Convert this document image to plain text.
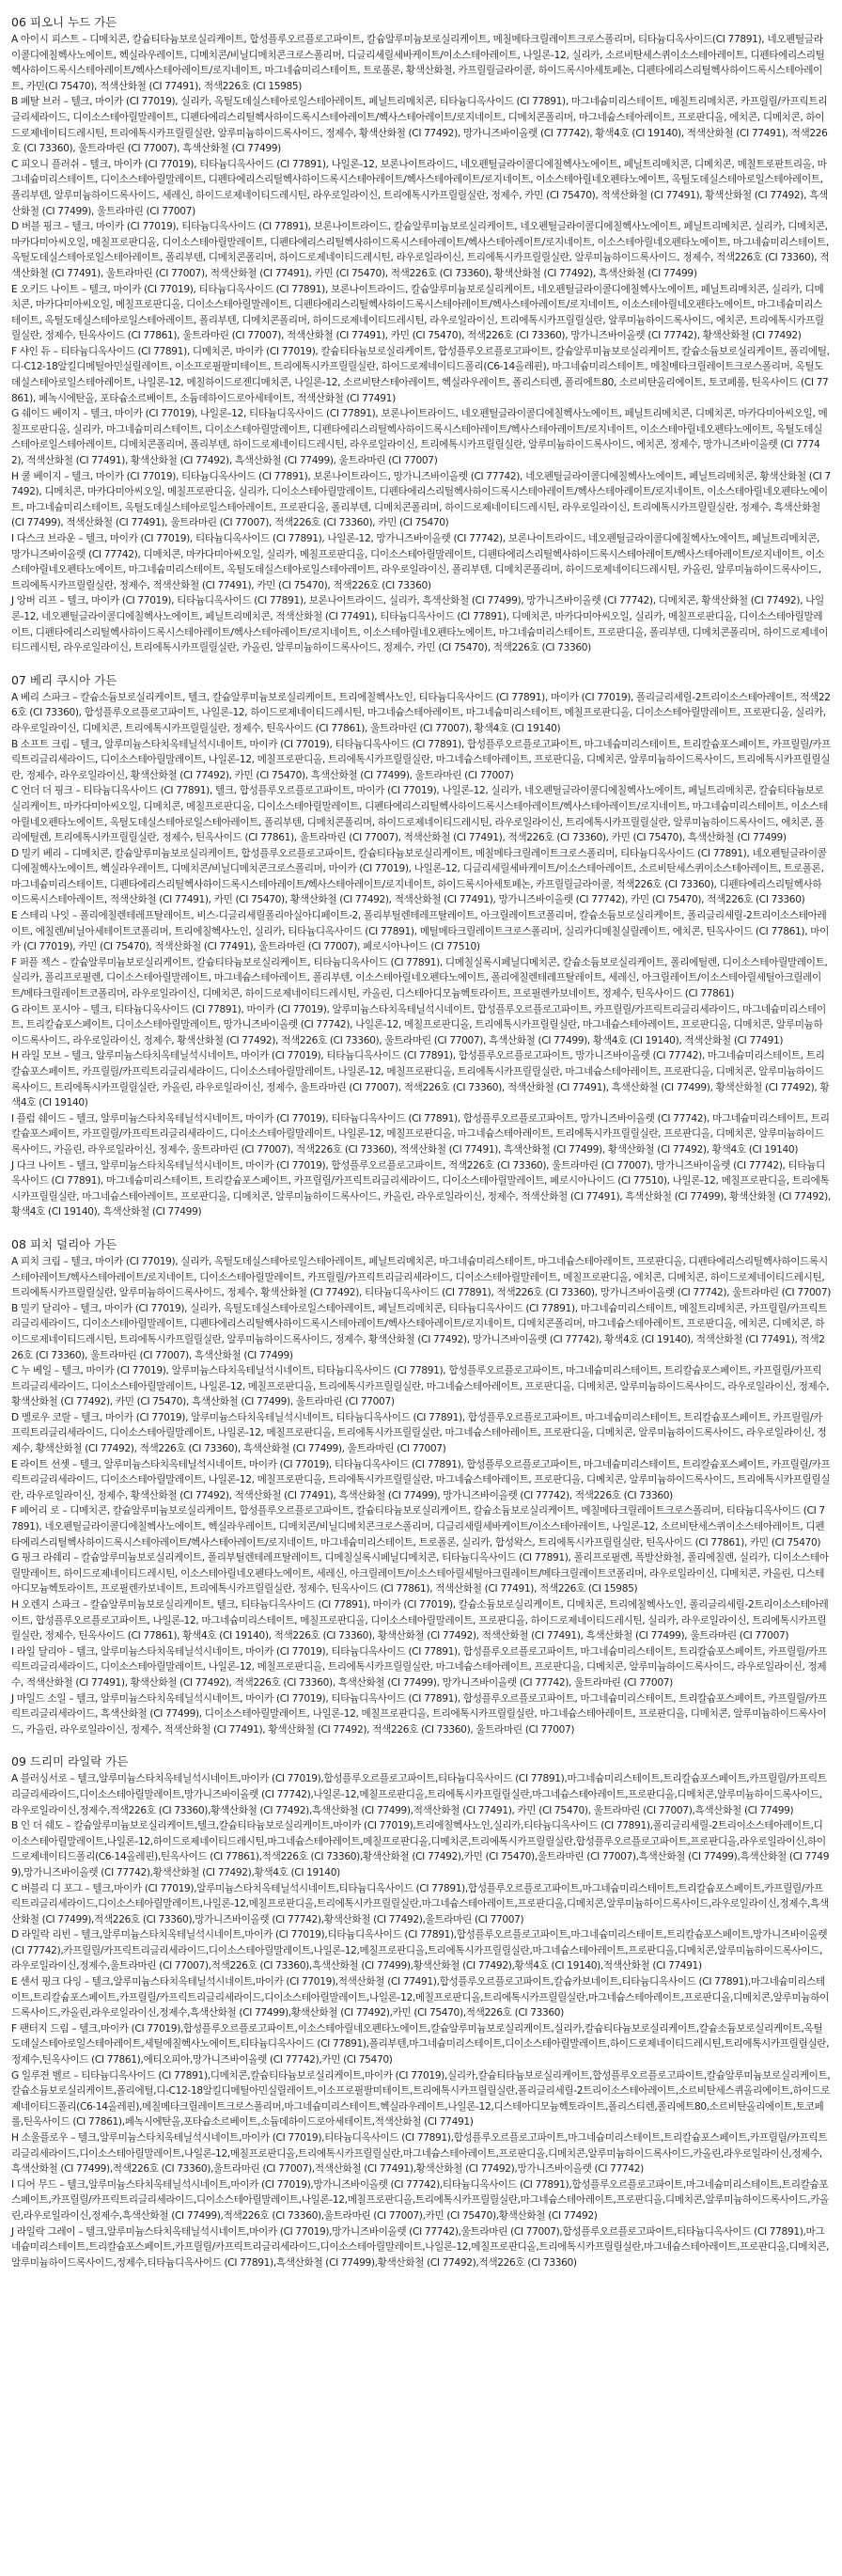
06 피오니 누드 가든
A 아이시 피스트 – 디메치콘, 칼슘티타늄보로실리케이트, 합성플루오르플로고파이트, 칼슘알루미늄보로실리케이트, 메칠메타크릴레이트크로스폴리머, 티타늄디옥사이드(CI 77891), 네오펜틸글라이콜디에칠헥사노에이트, 헥실라우레이트, 디메치콘/비닐디메치콘크로스폴리머, 디글리세릴세바케이트/이소스테아레이트, 나일론-12, 실리카, 소르비탄세스퀴이소스테아레이트, 디펜타에리스리틸헥사하이드록시스테아레이트/헥사스테아레이트/로지네이트, 마그네슘미리스테이트, 트로폴론, 황색산화철, 카프릴릴글라이콜, 하이드록시아세토페논, 디펜타에리스리틸헥사하이드록시스테아레이트, 카민(CI 75470), 적색산화철 (CI 77491), 적색226호 (CI 15985)
B 페탈 브러 – 텔크, 마이카 (CI 77019), 실리카, 옥틸도데실스테아로일스테아레이트, 페닐트리메치콘, 티타늄디옥사이드 (CI 77891), 마그네슘미리스테이트, 메칠트리메치콘, 카프릴릴/카프릭트리글리세라이드, 디이소스테아릴말레이트, 디펜타에리스리틸헥사하이드록시스테아레이트/헥사스테아레이트/로지네이트, 디메치콘폴리머, 마그네슘스테아레이트, 프로판디올, 에치콘, 디메치콘, 하이드로제네이티드레시틴, 트리에톡시카프릴릴실란, 알루미늄하이드록사이드, 정제수, 황색산화철 (CI 77492), 망가니즈바이올렛 (CI 77742), 황색4호 (CI 19140), 적색산화철 (CI 77491), 적색226호 (CI 73360), 울트라마린 (CI 77007), 흑색산화철 (CI 77499)
C 피오니 플러쉬 – 텔크, 마이카 (CI 77019), 티타늄디옥사이드 (CI 77891), 나일론-12, 보론나이트라이드, 네오펜틸글라이콜디에칠헥사노에이트, 페닐트리메치콘, 디메치콘, 메칠트로판트리올, 마그네슘미리스테이트, 디이소스테아릴말레이트, 디펜타에리스리틸헥사하이드록시스테아레이트/헥사스테아레이트/로지네이트, 이소스테아릴네오펜타노에이트, 옥틸도데실스테아로일스테아레이트, 폴리부텐, 알루미늄하이드록사이드, 세레신, 하이드로제네이티드레시틴, 라우로일라이신, 트리에톡시카프릴릴실란, 정제수, 카민 (CI 75470), 적색산화철 (CI 77491), 황색산화철 (CI 77492), 흑색산화철 (CI 77499), 울트라마린 (CI 77007)
D 버블 핑크 – 텔크, 마이카 (CI 77019), 티타늄디옥사이드 (CI 77891), 보론나이트라이드, 칼슘알루미늄보로실리케이트, 네오펜틸글라이콜디에칠헥사노에이트, 페닐트리메치콘, 실리카, 디메치콘, 마카다미아씨오일, 메칠프로판디올, 디이소스테아릴말레이트, 디펜타에리스리틸헥사하이드록시스테아레이트/헥사스테아레이트/로지네이트, 이소스테아릴네오펜타노에이트, 마그네슘미리스테이트, 옥틸도데실스테아로일스테아레이트, 폴리부텐, 디메치콘폴리머, 하이드로제네이티드레시틴, 라우로일라이신, 트리에톡시카프릴릴실란, 알루미늄하이드록사이드, 정제수, 적색226호 (CI 73360), 적색산화철 (CI 77491), 울트라마린 (CI 77007), 적색산화철 (CI 77491), 카민 (CI 75470), 적색226호 (CI 73360), 황색산화철 (CI 77492), 흑색산화철 (CI 77499)
E 오키드 나이트 – 텔크, 마이카 (CI 77019), 티타늄디옥사이드 (CI 77891), 보론나이트라이드, 칼슘알루미늄보로실리케이트, 네오펜틸글라이콜디에칠헥사노에이트, 페닐트리메치콘, 실리카, 디메치콘, 마카다미아씨오일, 메칠프로판디올, 디이소스테아릴말레이트, 디펜타에리스리틸헥사하이드록시스테아레이트/헥사스테아레이트/로지네이트, 이소스테아릴네오펜타노에이트, 마그네슘미리스테이트, 옥틸도데실스테아로일스테아레이트, 폴리부텐, 디메치콘폴리머, 하이드로제네이티드레시틴, 라우로일라이신, 트리에톡시카프릴릴실란, 알루미늄하이드록사이드, 에치콘, 트리에톡시카프릴릴실란, 정제수, 틴옥사이드 (CI 77861), 울트라마린 (CI 77007), 적색산화철 (CI 77491), 카민 (CI 75470), 적색226호 (CI 73360), 망가니즈바이올렛 (CI 77742), 황색산화철 (CI 77492)
F 샤인 듀 – 티타늄디옥사이드 (CI 77891), 디메치콘, 마이카 (CI 77019), 칼슘티타늄보로실리케이트, 합성플루오르플로고파이트, 칼슘알루미늄보로실리케이트, 칼슘소듐보로실리케이트, 폴리에틸, 디-C12-18알킬디메틸아민실릴레이트, 이소프로필팔미테이트, 트리에톡시카프릴릴실란, 하이드로제네이티드폴리(C6-14올레핀), 마그네슘미리스테이트, 메칠메타크릴레이트크로스폴리머, 옥틸도데실스테아로일스테아레이트, 나일론-12, 메칠하이드로젠디메치콘, 나일론-12, 소르비탄스테아레이트, 헥실라우레이트, 폴리스티렌, 폴리에트80, 소르비탄올리에이트, 토코페롤, 틴옥사이드 (CI 77861), 페녹시에탄올, 포타슘소르베이트, 소듐데하이드로아세테이트, 적색산화철 (CI 77491)
G 쉐이드 베이지 – 텔크, 마이카 (CI 77019), 나일론-12, 티타늄디옥사이드 (CI 77891), 보론나이트라이드, 네오펜틸글라이콜디에칠헥사노에이트, 페닐트리메치콘, 디메치콘, 마카다미아씨오일, 메칠프로판디올, 실리카, 마그네슘미리스테이트, 디이소스테아릴말레이트, 디펜타에리스리틸헥사하이드록시스테아레이트/헥사스테아레이트/로지네이트, 이소스테아릴네오펜타노에이트, 옥틸도데실스테아로일스테아레이트, 디메치콘폴리머, 폴리부텐, 하이드로제네이티드레시틴, 라우로일라이신, 트리에톡시카프릴릴실란, 알루미늄하이드록사이드, 에치콘, 정제수, 망가니즈바이올렛 (CI 77742), 적색산화철 (CI 77491), 황색산화철 (CI 77492), 흑색산화철 (CI 77499), 울트라마린 (CI 77007)
H 쿨 베이지 – 텔크, 마이카 (CI 77019), 티타늄디옥사이드 (CI 77891), 보론나이트라이드, 망가니즈바이올렛 (CI 77742), 네오펜틸글라이콜디에칠헥사노에이트, 페닐트리메치콘, 황색산화철 (CI 77492), 디메치콘, 마카다미아씨오일, 메칠프로판디올, 실리카, 디이소스테아릴말레이트, 디펜타에리스리틸헥사하이드록시스테아레이트/헥사스테아레이트/로지네이트, 이소스테아릴네오펜타노에이트, 마그네슘미리스테이트, 옥틸도데실스테아로일스테아레이트, 프로판디올, 폴리부텐, 디메치콘폴리머, 하이드로제네이티드레시틴, 라우로일라이신, 트리에톡시카프릴릴실란, 정제수, 흑색산화철 (CI 77499), 적색산화철 (CI 77491), 울트라마린 (CI 77007), 적색226호 (CI 73360), 카민 (CI 75470)
I 다스크 브라운 – 텔크, 마이카 (CI 77019), 티타늄디옥사이드 (CI 77891), 나일론-12, 망가니즈바이올렛 (CI 77742), 보론나이트라이드, 네오펜틸글라이콜디에칠헥사노에이트, 페닐트리메치콘, 망가니즈바이올렛 (CI 77742), 디메치콘, 마카다미아씨오일, 실리카, 메칠프로판디올, 디이소스테아릴말레이트, 디펜타에리스리틸헥사하이드록시스테아레이트/헥사스테아레이트/로지네이트, 이소스테아릴네오펜타노에이트, 마그네슘미리스테이트, 옥틸도데실스테아로일스테아레이트, 라우로일라이신, 폴리부텐, 디메치콘폴리머, 하이드로제네이티드레시틴, 카올린, 알루미늄하이드록사이드, 트리에톡시카프릴릴실란, 정제수, 적색산화철 (CI 77491), 카민 (CI 75470), 적색226호 (CI 73360)
J 앙버 리프 – 텔크, 마이카 (CI 77019), 티타늄디옥사이드 (CI 77891), 보론나이트라이드, 실리카, 흑색산화철 (CI 77499), 망가니즈바이올렛 (CI 77742), 디메치콘, 황색산화철 (CI 77492), 나일론-12, 네오펜틸글라이콜디에칠헥사노에이트, 페닐트리메치콘, 적색산화철 (CI 77491), 티타늄디옥사이드 (CI 77891), 디메치콘, 마카다미아씨오일, 실리카, 메칠프로판디올, 디이소스테아릴말레이트, 디펜타에리스리틸헥사하이드록시스테아레이트/헥사스테아레이트/로지네이트, 이소스테아릴네오펜타노에이트, 마그네슘미리스테이트, 프로판디올, 폴리부텐, 디메치콘폴리머, 하이드로제네이티드레시틴, 라우로일라이신, 트리에톡시카프릴릴실란, 카올린, 알루미늄하이드록사이드, 정제수, 카민 (CI 75470), 적색226호 (CI 73360)
07 베리 쿠시아 가든
A 베리 스파크 – 칼슘소듐보로실리케이트, 텔크, 칼슘알루미늄보로실리케이트, 트리에칠헥사노인, 티타늄디옥사이드 (CI 77891), 마이카 (CI 77019), 폴리글리세릴-2트리이소스테아레이트, 적색226호 (CI 73360), 합성플루오르플로고파이트, 나일론-12, 하이드로제네이티드레시틴, 마그네슘스테아레이트, 마그네슘미리스테이트, 메칠프로판디올, 디이소스테아릴말레이트, 프로판디올, 실리카, 라우로일라이신, 디메치콘, 트리에톡시카프릴릴실란, 정제수, 틴옥사이드 (CI 77861), 울트라마린 (CI 77007), 황색4호 (CI 19140)
B 소프트 크림 – 텔크, 알루미늄스타치옥테닐석시네이트, 마이카 (CI 77019), 티타늄디옥사이드 (CI 77891), 합성플루오르플로고파이트, 마그네슘미리스테이트, 트리칼슘포스페이트, 카프릴릴/카프릭트리글리세라이드, 디이소스테아릴말레이트, 나일론-12, 메칠프로판디올, 트리에톡시카프릴릴실란, 마그네슘스테아레이트, 프로판디올, 디메치콘, 알루미늄하이드록사이드, 트리에톡시카프릴릴실란, 정제수, 라우로일라이신, 황색산화철 (CI 77492), 카민 (CI 75470), 흑색산화철 (CI 77499), 울트라마린 (CI 77007)
C 언더 더 핑크 – 티타늄디옥사이드 (CI 77891), 텔크, 합성플루오르플로고파이트, 마이카 (CI 77019), 나일론-12, 실리카, 네오펜틸글라이콜디에칠헥사노에이트, 페닐트리메치콘, 칼슘티타늄보로실리케이트, 마카다미아씨오일, 디메치콘, 메칠프로판디올, 디이소스테아릴말레이트, 디펜타에리스리틸헥사하이드록시스테아레이트/헥사스테아레이트/로지네이트, 마그네슘미리스테이트, 이소스테아릴네오펜타노에이트, 옥틸도데실스테아로일스테아레이트, 폴리부텐, 디메치콘폴리머, 하이드로제네이티드레시틴, 라우로일라이신, 트리에톡시카프릴릴실란, 알루미늄하이드록사이드, 에치콘, 폴리에틸렌, 트리에톡시카프릴릴실란, 정제수, 틴옥사이드 (CI 77861), 울트라마린 (CI 77007), 적색산화철 (CI 77491), 적색226호 (CI 73360), 카민 (CI 75470), 흑색산화철 (CI 77499)
D 밀키 베리 – 디메치콘, 칼슘알루미늄보로실리케이트, 합성플루오르플로고파이트, 칼슘티타늄보로실리케이트, 메칠메타크릴레이트크로스폴리머, 티타늄디옥사이드 (CI 77891), 네오펜틸글라이콜디에칠헥사노에이트, 헥실라우레이트, 디메치콘/비닐디메치콘크로스폴리머, 마이카 (CI 77019), 나일론-12, 디글리세릴세바케이트/이소스테아레이트, 소르비탄세스퀴이소스테아레이트, 트로폴론, 마그네슘미리스테이트, 디펜타에리스리틸헥사하이드록시스테아레이트/헥사스테아레이트/로지네이트, 하이드록시아세토페논, 카프릴릴글라이콜, 적색226호 (CI 73360), 디펜타에리스리틸헥사하이드록시스테아레이트, 적색산화철 (CI 77491), 카민 (CI 75470), 황색산화철 (CI 77492), 적색산화철 (CI 77491), 망가니즈바이올렛 (CI 77742), 카민 (CI 75470), 적색226호 (CI 73360)
E 스테리 나잇 – 폴리에칠렌테레프탈레이트, 비스-디글리세릴폴리아실아디페이트-2, 폴리부틸렌테레프탈레이트, 아크릴레이트코폴리머, 칼슘소듐보로실리케이트, 폴리글리세릴-2트리이소스테아레이트, 에칠렌/비닐아세테이트코폴리머, 트리에칠헥사노인, 실리카, 티타늄디옥사이드 (CI 77891), 메틸메타크릴레이트크로스폴리머, 실리카디메칠실릴레이트, 에치콘, 틴옥사이드 (CI 77861), 마이카 (CI 77019), 카민 (CI 75470), 적색산화철 (CI 77491), 울트라마린 (CI 77007), 페로시아나이드 (CI 77510)
F 퍼플 젝스 – 칼슘알루미늄보로실리케이트, 칼슘티타늄보로실리케이트, 티타늄디옥사이드 (CI 77891), 디메칠실록시페닐디메치콘, 칼슘소듐보로실리케이트, 폴리에틸렌, 디이소스테아릴말레이트, 실리카, 폴리프로필렌, 디이소스테아릴말레이트, 마그네슘스테아레이트, 폴리부텐, 이소스테아릴네오펜타노에이트, 폴리에칠렌테레프탈레이트, 세레신, 아크릴레이트/이소스테아릴세틸아크릴레이트/메타크릴레이트코폴리머, 라우로일라이신, 디메치콘, 하이드로제네이티드레시틴, 카올린, 디스테아디모늄헥토라이트, 프로필렌카보네이트, 정제수, 틴옥사이드 (CI 77861)
G 라이트 포시아 – 텔크, 티타늄디옥사이드 (CI 77891), 마이카 (CI 77019), 알루미늄스타치옥테닐석시네이트, 합성플루오르플로고파이트, 카프릴릴/카프릭트리글리세라이드, 마그네슘미리스테이트, 트리칼슘포스페이트, 디이소스테아릴말레이트, 망가니즈바이올렛 (CI 77742), 나일론-12, 메칠프로판디올, 트리에톡시카프릴릴실란, 마그네슘스테아레이트, 프로판디올, 디메치콘, 알루미늄하이드록사이드, 라우로일라이신, 정제수, 황색산화철 (CI 77492), 적색226호 (CI 73360), 울트라마린 (CI 77007), 흑색산화철 (CI 77499), 황색4호 (CI 19140), 적색산화철 (CI 77491)
H 라일 모브 – 텔크, 알루미늄스타치옥테닐석시네이트, 마이카 (CI 77019), 티타늄디옥사이드 (CI 77891), 합성플루오르플로고파이트, 망가니즈바이올렛 (CI 77742), 마그네슘미리스테이트, 트리칼슘포스페이트, 카프릴릴/카프릭트리글리세라이드, 디이소스테아릴말레이트, 나일론-12, 메칠프로판디올, 트리에톡시카프릴릴실란, 마그네슘스테아레이트, 프로판디올, 디메치콘, 알루미늄하이드록사이드, 트리에톡시카프릴릴실란, 카올린, 라우로일라이신, 정제수, 울트라마린 (CI 77007), 적색226호 (CI 73360), 적색산화철 (CI 77491), 흑색산화철 (CI 77499), 황색산화철 (CI 77492), 황색4호 (CI 19140)
I 플럼 쉐이드 – 텔크, 알루미늄스타치옥테닐석시네이트, 마이카 (CI 77019), 티타늄디옥사이드 (CI 77891), 합성플루오르플로고파이트, 망가니즈바이올렛 (CI 77742), 마그네슘미리스테이트, 트리칼슘포스페이트, 카프릴릴/카프릭트리글리세라이드, 디이소스테아릴말레이트, 나일론-12, 메칠프로판디올, 마그네슘스테아레이트, 트리에톡시카프릴릴실란, 프로판디올, 디메치콘, 알루미늄하이드록사이드, 카올린, 라우로일라이신, 정제수, 울트라마린 (CI 77007), 적색226호 (CI 73360), 적색산화철 (CI 77491), 흑색산화철 (CI 77499), 황색산화철 (CI 77492), 황색4호 (CI 19140)
J 다크 나이트 – 텔크, 알루미늄스타치옥테닐석시네이트, 마이카 (CI 77019), 합성플루오르플로고파이트, 적색226호 (CI 73360), 울트라마린 (CI 77007), 망가니즈바이올렛 (CI 77742), 티타늄디옥사이드 (CI 77891), 마그네슘미리스테이트, 트리칼슘포스페이트, 카프릴릴/카프릭트리글리세라이드, 디이소스테아릴말레이트, 페로시아나이드 (CI 77510), 나일론-12, 메칠프로판디올, 트리에톡시카프릴릴실란, 마그네슘스테아레이트, 프로판디올, 디메치콘, 알루미늄하이드록사이드, 카올린, 라우로일라이신, 정제수, 적색산화철 (CI 77491), 흑색산화철 (CI 77499), 황색산화철 (CI 77492), 황색4호 (CI 19140), 흑색산화철 (CI 77499)
08 피치 덜리아 가든
A 피치 크림 – 텔크, 마이카 (CI 77019), 실리카, 옥틸도데실스테아로일스테아레이트, 페닐트리메치콘, 마그네슘미리스테이트, 마그네슘스테아레이트, 프로판디올, 디펜타에리스리틸헥사하이드록시스테아레이트/헥사스테아레이트/로지네이트, 디이소스테아릴말레이트, 카프릴릴/카프릭트리글리세라이드, 디이소스테아릴말레이트, 메칠프로판디올, 에치콘, 디메치콘, 하이드로제네이티드레시틴, 트리에톡시카프릴릴실란, 알루미늄하이드록사이드, 정제수, 황색산화철 (CI 77492), 티타늄디옥사이드 (CI 77891), 적색226호 (CI 73360), 망가니즈바이올렛 (CI 77742), 울트라마린 (CI 77007)
B 밀키 달리아 – 텔크, 마이카 (CI 77019), 실리카, 옥틸도데실스테아로일스테아레이트, 페닐트리메치콘, 티타늄디옥사이드 (CI 77891), 마그네슘미리스테이트, 메칠트리메치콘, 카프릴릴/카프릭트리글리세라이드, 디이소스테아릴말레이트, 디펜타에리스리틸헥사하이드록시스테아레이트/헥사스테아레이트/로지네이트, 디메치콘폴리머, 마그네슘스테아레이트, 프로판디올, 에치콘, 디메치콘, 하이드로제네이티드레시틴, 트리에톡시카프릴릴실란, 알루미늄하이드록사이드, 정제수, 황색산화철 (CI 77492), 망가니즈바이올렛 (CI 77742), 황색4호 (CI 19140), 적색산화철 (CI 77491), 적색226호 (CI 73360), 울트라마린 (CI 77007), 흑색산화철 (CI 77499)
C 누 베일 – 텔크, 마이카 (CI 77019), 알루미늄스타치옥테닐석시네이트, 티타늄디옥사이드 (CI 77891), 합성플루오르플로고파이트, 마그네슘미리스테이트, 트리칼슘포스페이트, 카프릴릴/카프릭트리글리세라이드, 디이소스테아릴말레이트, 나일론-12, 메칠프로판디올, 트리에톡시카프릴릴실란, 마그네슘스테아레이트, 프로판디올, 디메치콘, 알루미늄하이드록사이드, 라우로일라이신, 정제수, 황색산화철 (CI 77492), 카민 (CI 75470), 흑색산화철 (CI 77499), 울트라마린 (CI 77007)
D 멜로우 코랄 – 텔크, 마이카 (CI 77019), 알루미늄스타치옥테닐석시네이트, 티타늄디옥사이드 (CI 77891), 합성플루오르플로고파이트, 마그네슘미리스테이트, 트리칼슘포스페이트, 카프릴릴/카프릭트리글리세라이드, 디이소스테아릴말레이트, 나일론-12, 메칠프로판디올, 트리에톡시카프릴릴실란, 마그네슘스테아레이트, 프로판디올, 디메치콘, 알루미늄하이드록사이드, 라우로일라이신, 정제수, 황색산화철 (CI 77492), 적색226호 (CI 73360), 흑색산화철 (CI 77499), 울트라마린 (CI 77007)
E 라이트 선셋 – 텔크, 알루미늄스타치옥테닐석시네이트, 마이카 (CI 77019), 티타늄디옥사이드 (CI 77891), 합성플루오르플로고파이트, 마그네슘미리스테이트, 트리칼슘포스페이트, 카프릴릴/카프릭트리글리세라이드, 디이소스테아릴말레이트, 나일론-12, 메칠프로판디올, 트리에톡시카프릴릴실란, 마그네슘스테아레이트, 프로판디올, 디메치콘, 알루미늄하이드록사이드, 트리에톡시카프릴릴실란, 라우로일라이신, 정제수, 황색산화철 (CI 77492), 적색산화철 (CI 77491), 흑색산화철 (CI 77499), 망가니즈바이올렛 (CI 77742), 적색226호 (CI 73360)
F 페어리 로 – 디메치콘, 칼슘알루미늄보로실리케이트, 합성플루오르플로고파이트, 칼슘티타늄보로실리케이트, 칼슘소듐보로실리케이트, 메칠메타크릴레이트크로스폴리머, 티타늄디옥사이드 (CI 77891), 네오펜틸글라이콜디에칠헥사노에이트, 헥실라우레이트, 디메치콘/비닐디메치콘크로스폴리머, 디글리세릴세바케이트/이소스테아레이트, 나일론-12, 소르비탄세스퀴이소스테아레이트, 디펜타에리스리틸헥사하이드록시스테아레이트/헥사스테아레이트/로지네이트, 마그네슘미리스테이트, 트로폴론, 실리카, 합성왁스, 트리에톡시카프릴릴실란, 틴옥사이드 (CI 77861), 카민 (CI 75470)
G 핑크 라쉐리 – 칼슘알루미늄보로실리케이트, 폴리부틸렌테레프탈레이트, 디메칠실록시페닐디메치콘, 티타늄디옥사이드 (CI 77891), 폴리프로필렌, 폭발산화철, 폴리에칠렌, 실리카, 디이소스테아릴말레이트, 하이드로제네이티드레시틴, 이소스테아릴네오펜타노에이트, 세레신, 아크릴레이트/이소스테아릴세틸아크릴레이트/메타크릴레이트코폴리머, 라우로일라이신, 디메치콘, 카올린, 디스테아디모늄헥토라이트, 프로필렌카보네이트, 트리에톡시카프릴릴실란, 정제수, 틴옥사이드 (CI 77861), 적색산화철 (CI 77491), 적색226호 (CI 15985)
H 오렌지 스파크 – 칼슘알루미늄보로실리케이트, 텔크, 티타늄디옥사이드 (CI 77891), 마이카 (CI 77019), 칼슘소듐보로실리케이트, 디메치콘, 트리에칠헥사노인, 폴리글리세릴-2트리이소스테아레이트, 합성플루오르플로고파이트, 나일론-12, 마그네슘미리스테이트, 메칠프로판디올, 디이소스테아릴말레이트, 프로판디올, 하이드로제네이티드레시틴, 실리카, 라우로일라이신, 트리에톡시카프릴릴실란, 정제수, 틴옥사이드 (CI 77861), 황색4호 (CI 19140), 적색226호 (CI 73360), 황색산화철 (CI 77492), 적색산화철 (CI 77491), 흑색산화철 (CI 77499), 울트라마린 (CI 77007)
I 라일 달리아 – 텔크, 알루미늄스타치옥테닐석시네이트, 마이카 (CI 77019), 티타늄디옥사이드 (CI 77891), 합성플루오르플로고파이트, 마그네슘미리스테이트, 트리칼슘포스페이트, 카프릴릴/카프릭트리글리세라이드, 디이소스테아릴말레이트, 나일론-12, 메칠프로판디올, 트리에톡시카프릴릴실란, 마그네슘스테아레이트, 프로판디올, 디메치콘, 알루미늄하이드록사이드, 라우로일라이신, 정제수, 적색산화철 (CI 77491), 황색산화철 (CI 77492), 적색226호 (CI 73360), 흑색산화철 (CI 77499), 망가니즈바이올렛 (CI 77742), 울트라마린 (CI 77007)
J 마일드 소일 – 텔크, 알루미늄스타치옥테닐석시네이트, 마이카 (CI 77019), 티타늄디옥사이드 (CI 77891), 합성플루오르플로고파이트, 마그네슘미리스테이트, 트리칼슘포스페이트, 카프릴릴/카프릭트리글리세라이드, 흑색산화철 (CI 77499), 디이소스테아릴말레이트, 나일론-12, 메칠프로판디올, 트리에톡시카프릴릴실란, 마그네슘스테아레이트, 프로판디올, 디메치콘, 알루미늄하이드록사이드, 카올린, 라우로일라이신, 정제수, 적색산화철 (CI 77491), 황색산화철 (CI 77492), 적색226호 (CI 73360), 울트라마린 (CI 77007)
09 드리미 라일락 가든
A 블러싱서로 – 텔크,알루미늄스타치옥테닐석시네이트,마이카 (CI 77019),합성플루오르플로고파이트,티타늄디옥사이드 (CI 77891),마그네슘미리스테이트,트리칼슘포스페이트,카프릴릴/카프릭트리글리세라이드,디이소스테아릴말레이트,망가니즈바이올렛 (CI 77742),나일론-12,메칠프로판디올,트리에톡시카프릴릴실란,마그네슘스테아레이트,프로판디올,디메치콘,알루미늄하이드록사이드,라우로일라이신,정제수,적색226호 (CI 73360),황색산화철 (CI 77492),흑색산화철 (CI 77499),적색산화철 (CI 77491), 카민 (CI 75470), 울트라마린 (CI 77007),흑색산화철 (CI 77499)
B 인 더 쉐도 – 칼슘알루미늄보로실리케이트,텔크,칼슘티타늄보로실리케이트,마이카 (CI 77019),트리에칠헥사노인,실리카,티타늄디옥사이드 (CI 77891),폴리글리세릴-2트리이소스테아레이트,디이소스테아릴말레이트,나일론-12,하이드로제네이티드레시틴,마그네슘스테아레이트,메칠프로판디올,디메치콘,트리에톡시카프릴릴실란,합성플루오르플로고파이트,프로판디올,라우로일라이신,하이드로제네이티드폴리(C6-14올레핀),틴옥사이드 (CI 77861),적색226호 (CI 73360),황색산화철 (CI 77492),카민 (CI 75470),울트라마린 (CI 77007),흑색산화철 (CI 77499),흑색산화철 (CI 77499),망가니즈바이올렛 (CI 77742),황색산화철 (CI 77492),황색4호 (CI 19140)
C 버블리 디 포그 – 텔크,마이카 (CI 77019),알루미늄스타치옥테닐석시네이트,티타늄디옥사이드 (CI 77891),합성플루오르플로고파이트,마그네슘미리스테이트,트리칼슘포스페이트,카프릴릴/카프릭트리글리세라이드,디이소스테아릴말레이트,나일론-12,메칠프로판디올,트리에톡시카프릴릴실란,마그네슘스테아레이트,프로판디올,디메치콘,알루미늄하이드록사이드,라우로일라이신,정제수,흑색산화철 (CI 77499),적색226호 (CI 73360),망가니즈바이올렛 (CI 77742),황색산화철 (CI 77492),울트라마린 (CI 77007)
D 라일락 리빈 – 텔크,알루미늄스타치옥테닐석시네이트,마이카 (CI 77019),티타늄디옥사이드 (CI 77891),합성플루오르플로고파이트,마그네슘미리스테이트,트리칼슘포스페이트,망가니즈바이올렛 (CI 77742),카프릴릴/카프릭트리글리세라이드,디이소스테아릴말레이트,나일론-12,메칠프로판디올,트리에톡시카프릴릴실란,마그네슘스테아레이트,프로판디올,디메치콘,알루미늄하이드록사이드,라우로일라이신,정제수,울트라마린 (CI 77007),적색226호 (CI 73360),흑색산화철 (CI 77499),황색산화철 (CI 77492),황색4호 (CI 19140),적색산화철 (CI 77491)
E 센서 핑크 다잉 – 텔크,알루미늄스타치옥테닐석시네이트,마이카 (CI 77019),적색산화철 (CI 77491),합성플루오르플로고파이트,칼슘카보네이트,티타늄디옥사이드 (CI 77891),마그네슘미리스테이트,트리칼슘포스페이트,카프릴릴/카프릭트리글리세라이드,디이소스테아릴말레이트,나일론-12,메칠프로판디올,트리에톡시카프릴릴실란,마그네슘스테아레이트,프로판디올,디메치콘,알루미늄하이드록사이드,카올린,라우로일라이신,정제수,흑색산화철 (CI 77499),황색산화철 (CI 77492),카민 (CI 75470),적색226호 (CI 73360)
F 팬터지 드림 – 텔크,마이카 (CI 77019),합성플루오르플로고파이트,이소스테아릴네오펜타노에이트,칼슘알루미늄보로실리케이트,실리카,칼슘티타늄보로실리케이트,칼슘소듐보로실리케이트,옥틸도데실스테아로일스테아레이트,세틸에칠헥사노에이트,티타늄디옥사이드 (CI 77891),폴리부텐,마그네슘미리스테이트,디이소스테아릴말레이트,하이드로제네이티드레시틴,트리에톡시카프릴릴실란,정제수,틴옥사이드 (CI 77861),에티오피아,망가니즈바이올렛 (CI 77742),카민 (CI 75470)
G 일루젼 벨르 – 티타늄디옥사이드 (CI 77891),디메치콘,칼슘티타늄보로실리케이트,마이카 (CI 77019),실리카,칼슘티타늄보로실리케이트,합성플루오르플로고파이트,칼슘알루미늄보로실리케이트,칼슘소듐보로실리케이트,폴리에틸,디-C12-18알킬디메틸아민실릴레이트,이소프로필팔미테이트,트리에톡시카프릴릴실란,폴리글리세릴-2트리이소스테아레이트,소르비탄세스퀴올리에이트,하이드로제네이티드폴리(C6-14올레핀),메칠메타크릴레이트크로스폴리머,마그네슘미리스테이트,헥실라우레이트,나일론-12,디스테아디모늄헥토라이트,폴리스티렌,폴리에트80,소르비탄올리에이트,토코페롤,틴옥사이드 (CI 77861),페녹시에탄올,포타슘소르베이트,소듐데하이드로아세테이트,적색산화철 (CI 77491)
H 소울플로우 – 텔크,알루미늄스타치옥테닐석시네이트,마이카 (CI 77019),티타늄디옥사이드 (CI 77891),합성플루오르플로고파이트,마그네슘미리스테이트,트리칼슘포스페이트,카프릴릴/카프릭트리글리세라이드,디이소스테아릴말레이트,나일론-12,메칠프로판디올,트리에톡시카프릴릴실란,마그네슘스테아레이트,프로판디올,디메치콘,알루미늄하이드록사이드,카올린,라우로일라이신,정제수,흑색산화철 (CI 77499),적색226호 (CI 73360),울트라마린 (CI 77007),적색산화철 (CI 77491),황색산화철 (CI 77492),망가니즈바이올렛 (CI 77742)
I 디어 무드 – 텔크,알루미늄스타치옥테닐석시네이트,마이카 (CI 77019),망가니즈바이올렛 (CI 77742),티타늄디옥사이드 (CI 77891),합성플루오르플로고파이트,마그네슘미리스테이트,트리칼슘포스페이트,카프릴릴/카프릭트리글리세라이드,디이소스테아릴말레이트,나일론-12,메칠프로판디올,트리에톡시카프릴릴실란,마그네슘스테아레이트,프로판디올,디메치콘,알루미늄하이드록사이드,카올린,라우로일라이신,정제수,흑색산화철 (CI 77499),적색226호 (CI 73360),울트라마린 (CI 77007),카민 (CI 75470),황색산화철 (CI 77492)
J 라일락 그레이 – 텔크,알루미늄스타치옥테닐석시네이트,마이카 (CI 77019),망가니즈바이올렛 (CI 77742),울트라마린 (CI 77007),합성플루오르플로고파이트,티타늄디옥사이드 (CI 77891),마그네슘미리스테이트,트리칼슘포스페이트,카프릴릴/카프릭트리글리세라이드,디이소스테아릴말레이트,나일론-12,메칠프로판디올,트리에톡시카프릴릴실란,마그네슘스테아레이트,프로판디올,디메치콘,알루미늄하이드록사이드,정제수,티타늄디옥사이드 (CI 77891),흑색산화철 (CI 77499),황색산화철 (CI 77492),적색226호 (CI 73360)
